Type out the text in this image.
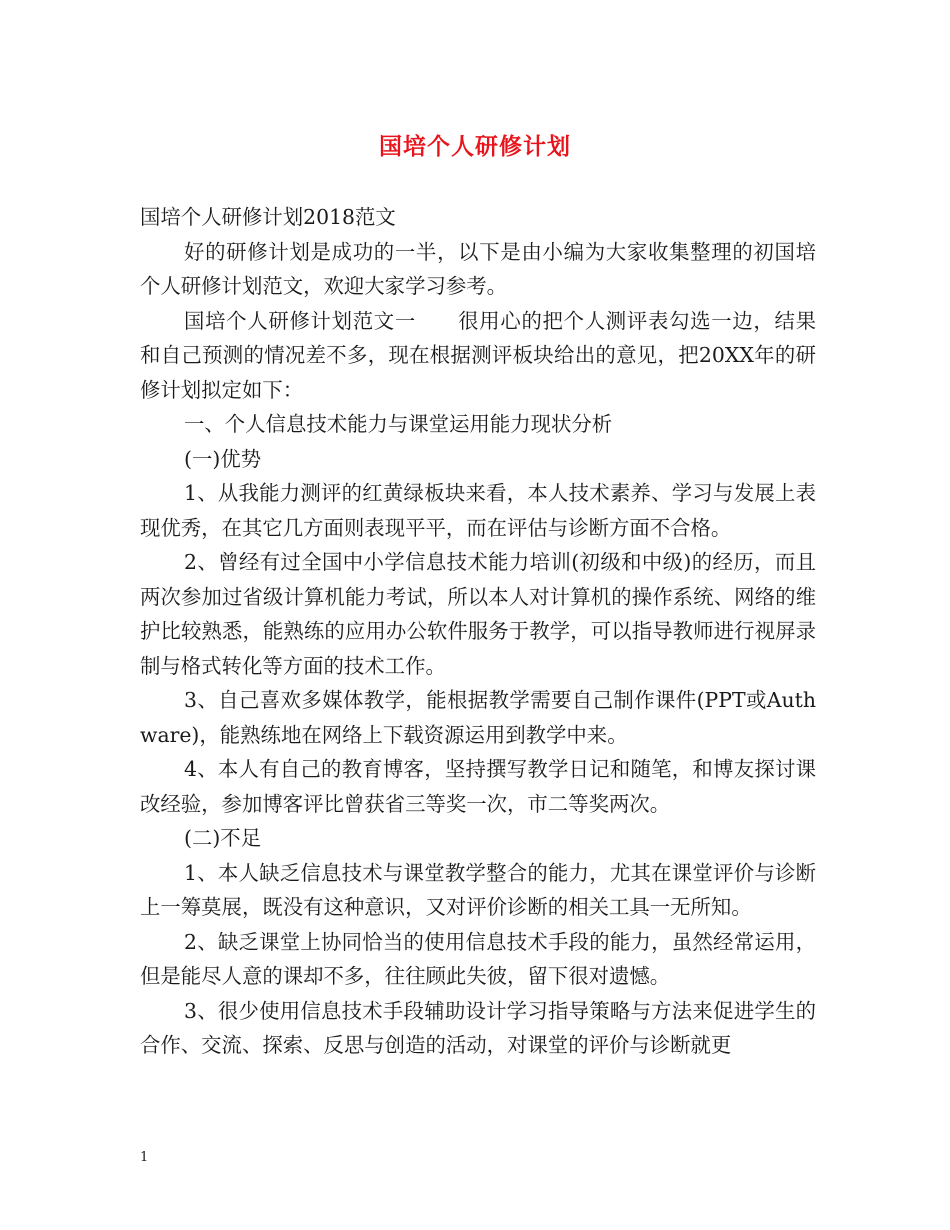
国培个人研修计划

国培个人研修计划2018范文

好的研修计划是成功的一半，以下是由小编为大家收集整理的初国培个人研修计划范文，欢迎大家学习参考。

国培个人研修计划范文一　　很用心的把个人测评表勾选一边，结果和自己预测的情况差不多，现在根据测评板块给出的意见，把20XX年的研修计划拟定如下：

一、个人信息技术能力与课堂运用能力现状分析

(一)优势

1、从我能力测评的红黄绿板块来看，本人技术素养、学习与发展上表现优秀，在其它几方面则表现平平，而在评估与诊断方面不合格。

2、曾经有过全国中小学信息技术能力培训(初级和中级)的经历，而且两次参加过省级计算机能力考试，所以本人对计算机的操作系统、网络的维护比较熟悉，能熟练的应用办公软件服务于教学，可以指导教师进行视屏录制与格式转化等方面的技术工作。

3、自己喜欢多媒体教学，能根据教学需要自己制作课件(PPT或Authware)，能熟练地在网络上下载资源运用到教学中来。

4、本人有自己的教育博客，坚持撰写教学日记和随笔，和博友探讨课改经验，参加博客评比曾获省三等奖一次，市二等奖两次。

(二)不足

1、本人缺乏信息技术与课堂教学整合的能力，尤其在课堂评价与诊断上一筹莫展，既没有这种意识，又对评价诊断的相关工具一无所知。

2、缺乏课堂上协同恰当的使用信息技术手段的能力，虽然经常运用，但是能尽人意的课却不多，往往顾此失彼，留下很对遗憾。

3、很少使用信息技术手段辅助设计学习指导策略与方法来促进学生的合作、交流、探索、反思与创造的活动，对课堂的评价与诊断就更

1
